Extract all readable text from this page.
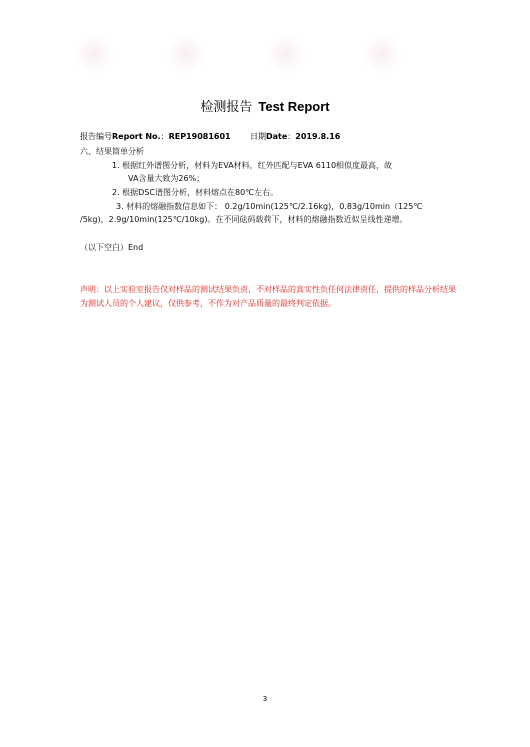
检测报告 Test Report
报告编号Report No.：REP19081601 日期Date：2019.8.16
六、结果简单分析
1. 根据红外谱图分析，材料为EVA材料，红外匹配与EVA 6110相似度最高，故
VA含量大致为26%；
2. 根据DSC谱图分析，材料熔点在80℃左右。
3. 材料的熔融指数信息如下： 0.2g/10min(125℃/2.16kg)，0.83g/10min（125℃
/5kg)，2.9g/10min(125℃/10kg)。在不同砝码载荷下，材料的熔融指数近似呈线性递增。
（以下空白）End
声明：以上实验室报告仅对样品的测试结果负责，不对样品的真实性负任何法律责任，提供的样品分析结果为测试人员的个人建议，仅供参考，不作为对产品质量的最终判定依据。
3
